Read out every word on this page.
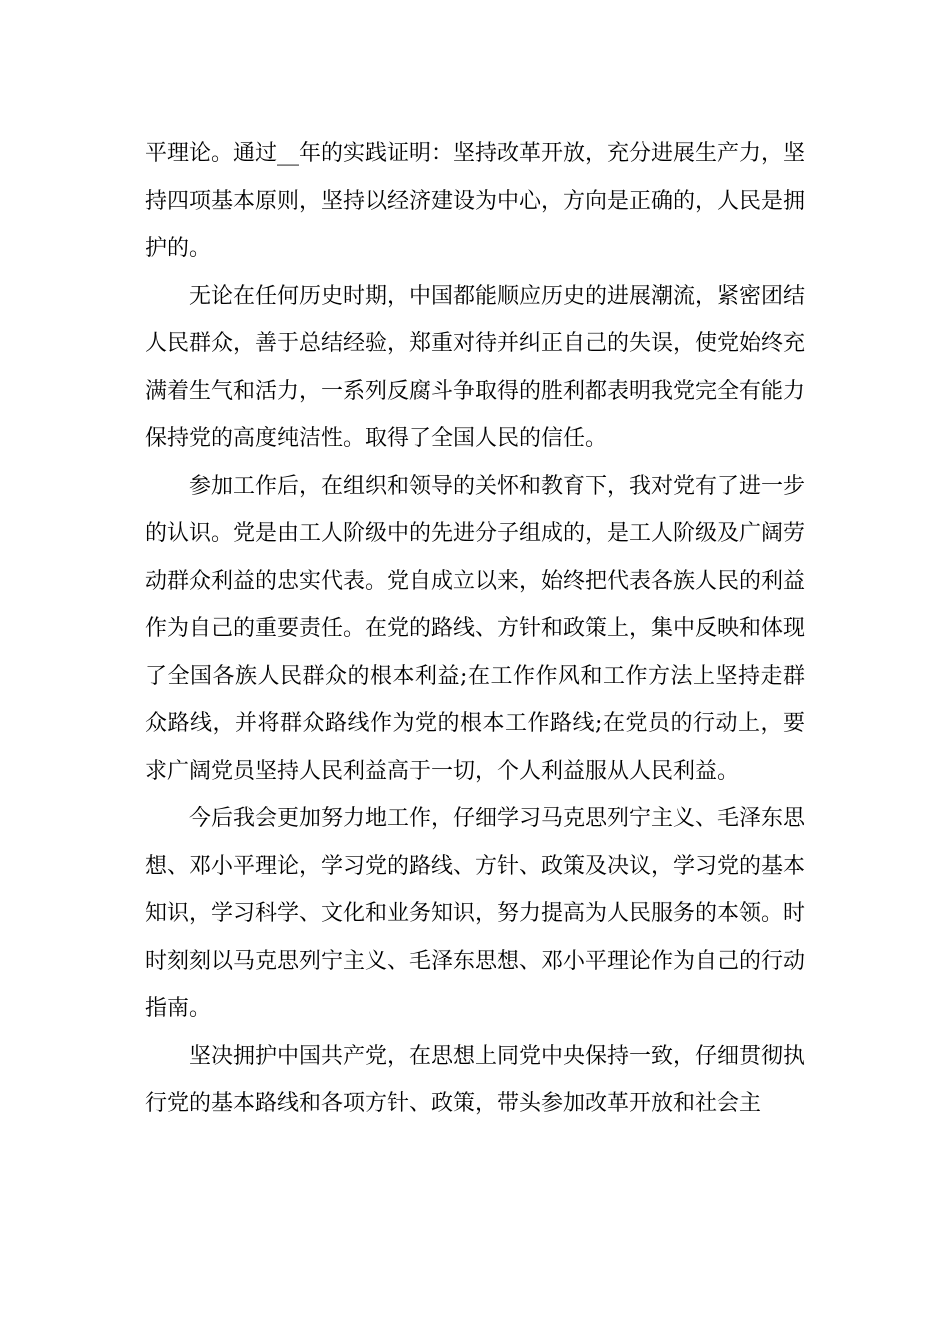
平理论。通过__年的实践证明：坚持改革开放，充分进展生产力，坚持四项基本原则，坚持以经济建设为中心，方向是正确的，人民是拥护的。

无论在任何历史时期，中国都能顺应历史的进展潮流，紧密团结人民群众，善于总结经验，郑重对待并纠正自己的失误，使党始终充满着生气和活力，一系列反腐斗争取得的胜利都表明我党完全有能力保持党的高度纯洁性。取得了全国人民的信任。

参加工作后，在组织和领导的关怀和教育下，我对党有了进一步的认识。党是由工人阶级中的先进分子组成的，是工人阶级及广阔劳动群众利益的忠实代表。党自成立以来，始终把代表各族人民的利益作为自己的重要责任。在党的路线、方针和政策上，集中反映和体现了全国各族人民群众的根本利益;在工作作风和工作方法上坚持走群众路线，并将群众路线作为党的根本工作路线;在党员的行动上，要求广阔党员坚持人民利益高于一切，个人利益服从人民利益。

今后我会更加努力地工作，仔细学习马克思列宁主义、毛泽东思想、邓小平理论，学习党的路线、方针、政策及决议，学习党的基本知识，学习科学、文化和业务知识，努力提高为人民服务的本领。时时刻刻以马克思列宁主义、毛泽东思想、邓小平理论作为自己的行动指南。

坚决拥护中国共产党，在思想上同党中央保持一致，仔细贯彻执行党的基本路线和各项方针、政策，带头参加改革开放和社会主
